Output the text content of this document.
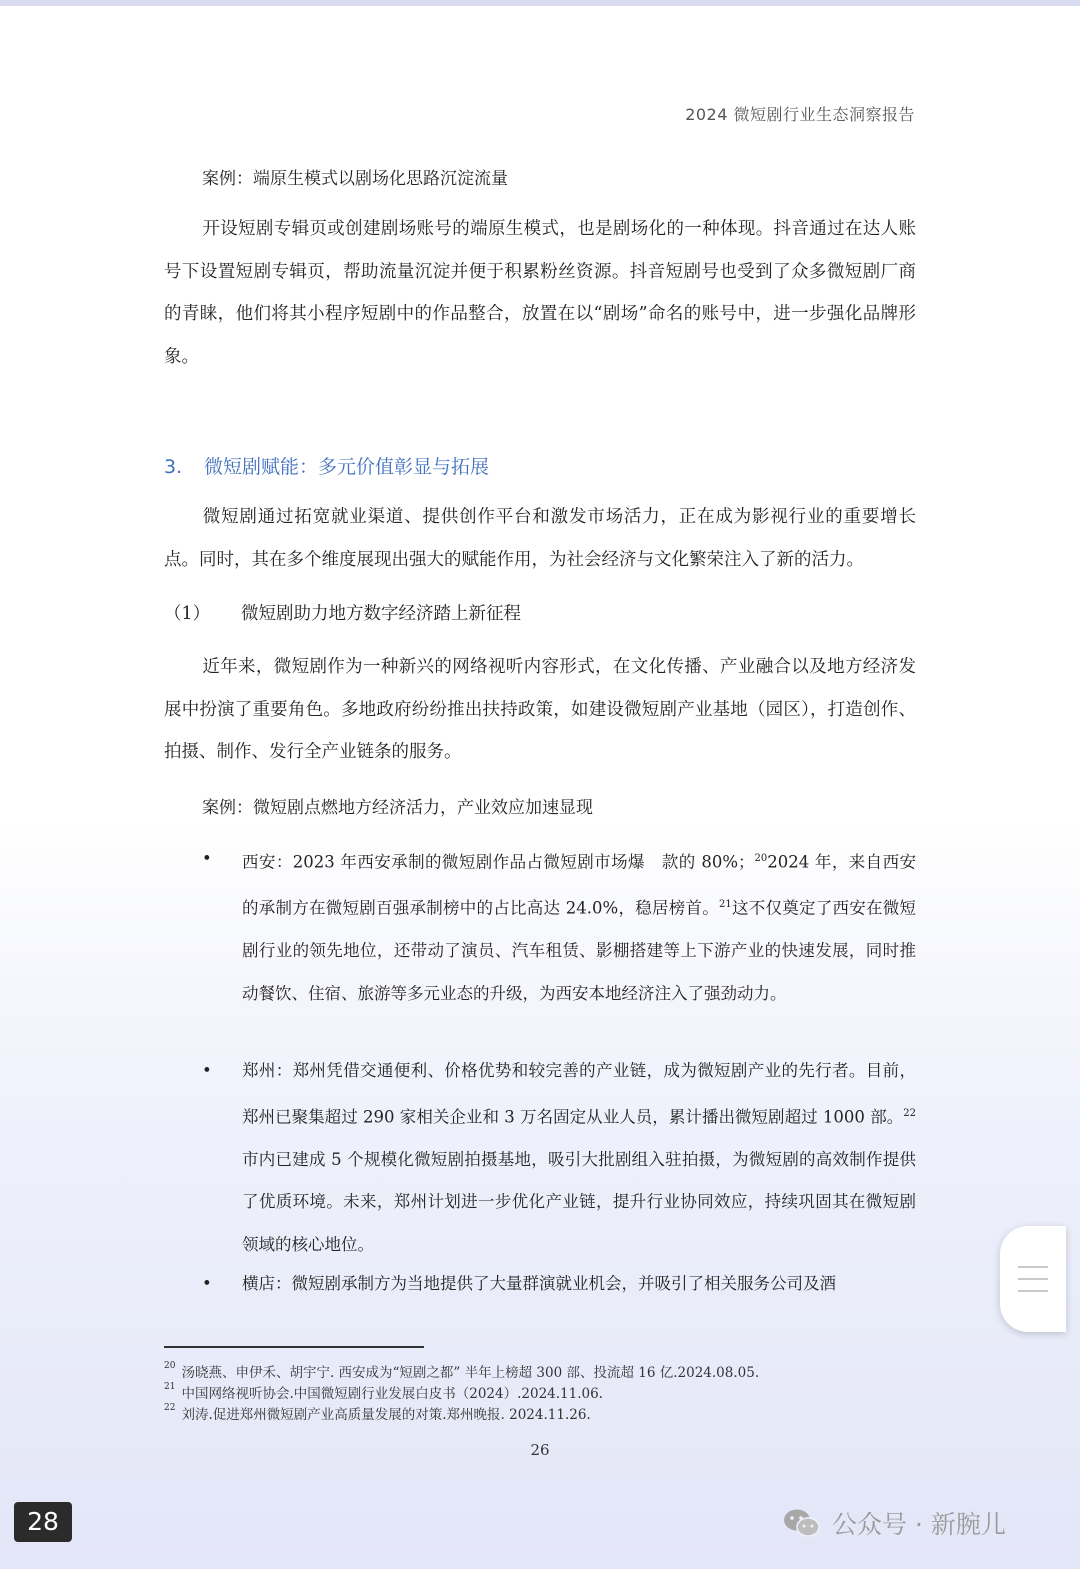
2024 微短剧行业生态洞察报告
案例：端原生模式以剧场化思路沉淀流量
开设短剧专辑页或创建剧场账号的端原生模式，也是剧场化的一种体现。抖音通过在达人账号下设置短剧专辑页，帮助流量沉淀并便于积累粉丝资源。抖音短剧号也受到了众多微短剧厂商的青睐，他们将其小程序短剧中的作品整合，放置在以“剧场”命名的账号中，进一步强化品牌形象。
3. 微短剧赋能：多元价值彰显与拓展
微短剧通过拓宽就业渠道、提供创作平台和激发市场活力，正在成为影视行业的重要增长点。同时，其在多个维度展现出强大的赋能作用，为社会经济与文化繁荣注入了新的活力。
（1） 微短剧助力地方数字经济踏上新征程
近年来，微短剧作为一种新兴的网络视听内容形式，在文化传播、产业融合以及地方经济发展中扮演了重要角色。多地政府纷纷推出扶持政策，如建设微短剧产业基地（园区），打造创作、拍摄、制作、发行全产业链条的服务。
案例：微短剧点燃地方经济活力，产业效应加速显现
• 西安：2023 年西安承制的微短剧作品占微短剧市场爆　款的 80%；$^{20}$2024 年，来自西安的承制方在微短剧百强承制榜中的占比高达 24.0%，稳居榜首。$^{21}$这不仅奠定了西安在微短剧行业的领先地位，还带动了演员、汽车租赁、影棚搭建等上下游产业的快速发展，同时推动餐饮、住宿、旅游等多元业态的升级，为西安本地经济注入了强劲动力。
• 郑州：郑州凭借交通便利、价格优势和较完善的产业链，成为微短剧产业的先行者。目前，郑州已聚集超过 290 家相关企业和 3 万名固定从业人员，累计播出微短剧超过 1000 部。$^{22}$市内已建成 5 个规模化微短剧拍摄基地，吸引大批剧组入驻拍摄，为微短剧的高效制作提供了优质环境。未来，郑州计划进一步优化产业链，提升行业协同效应，持续巩固其在微短剧领域的核心地位。
• 横店：微短剧承制方为当地提供了大量群演就业机会，并吸引了相关服务公司及酒
$^{20}$ 汤晓燕、申伊禾、胡宇宁. 西安成为“短剧之都” 半年上榜超 300 部、投流超 16 亿.2024.08.05.
$^{21}$ 中国网络视听协会.中国微短剧行业发展白皮书（2024）.2024.11.06.
$^{22}$ 刘涛.促进郑州微短剧产业高质量发展的对策.郑州晚报. 2024.11.26.
26
28	公众号 · 新腕儿
